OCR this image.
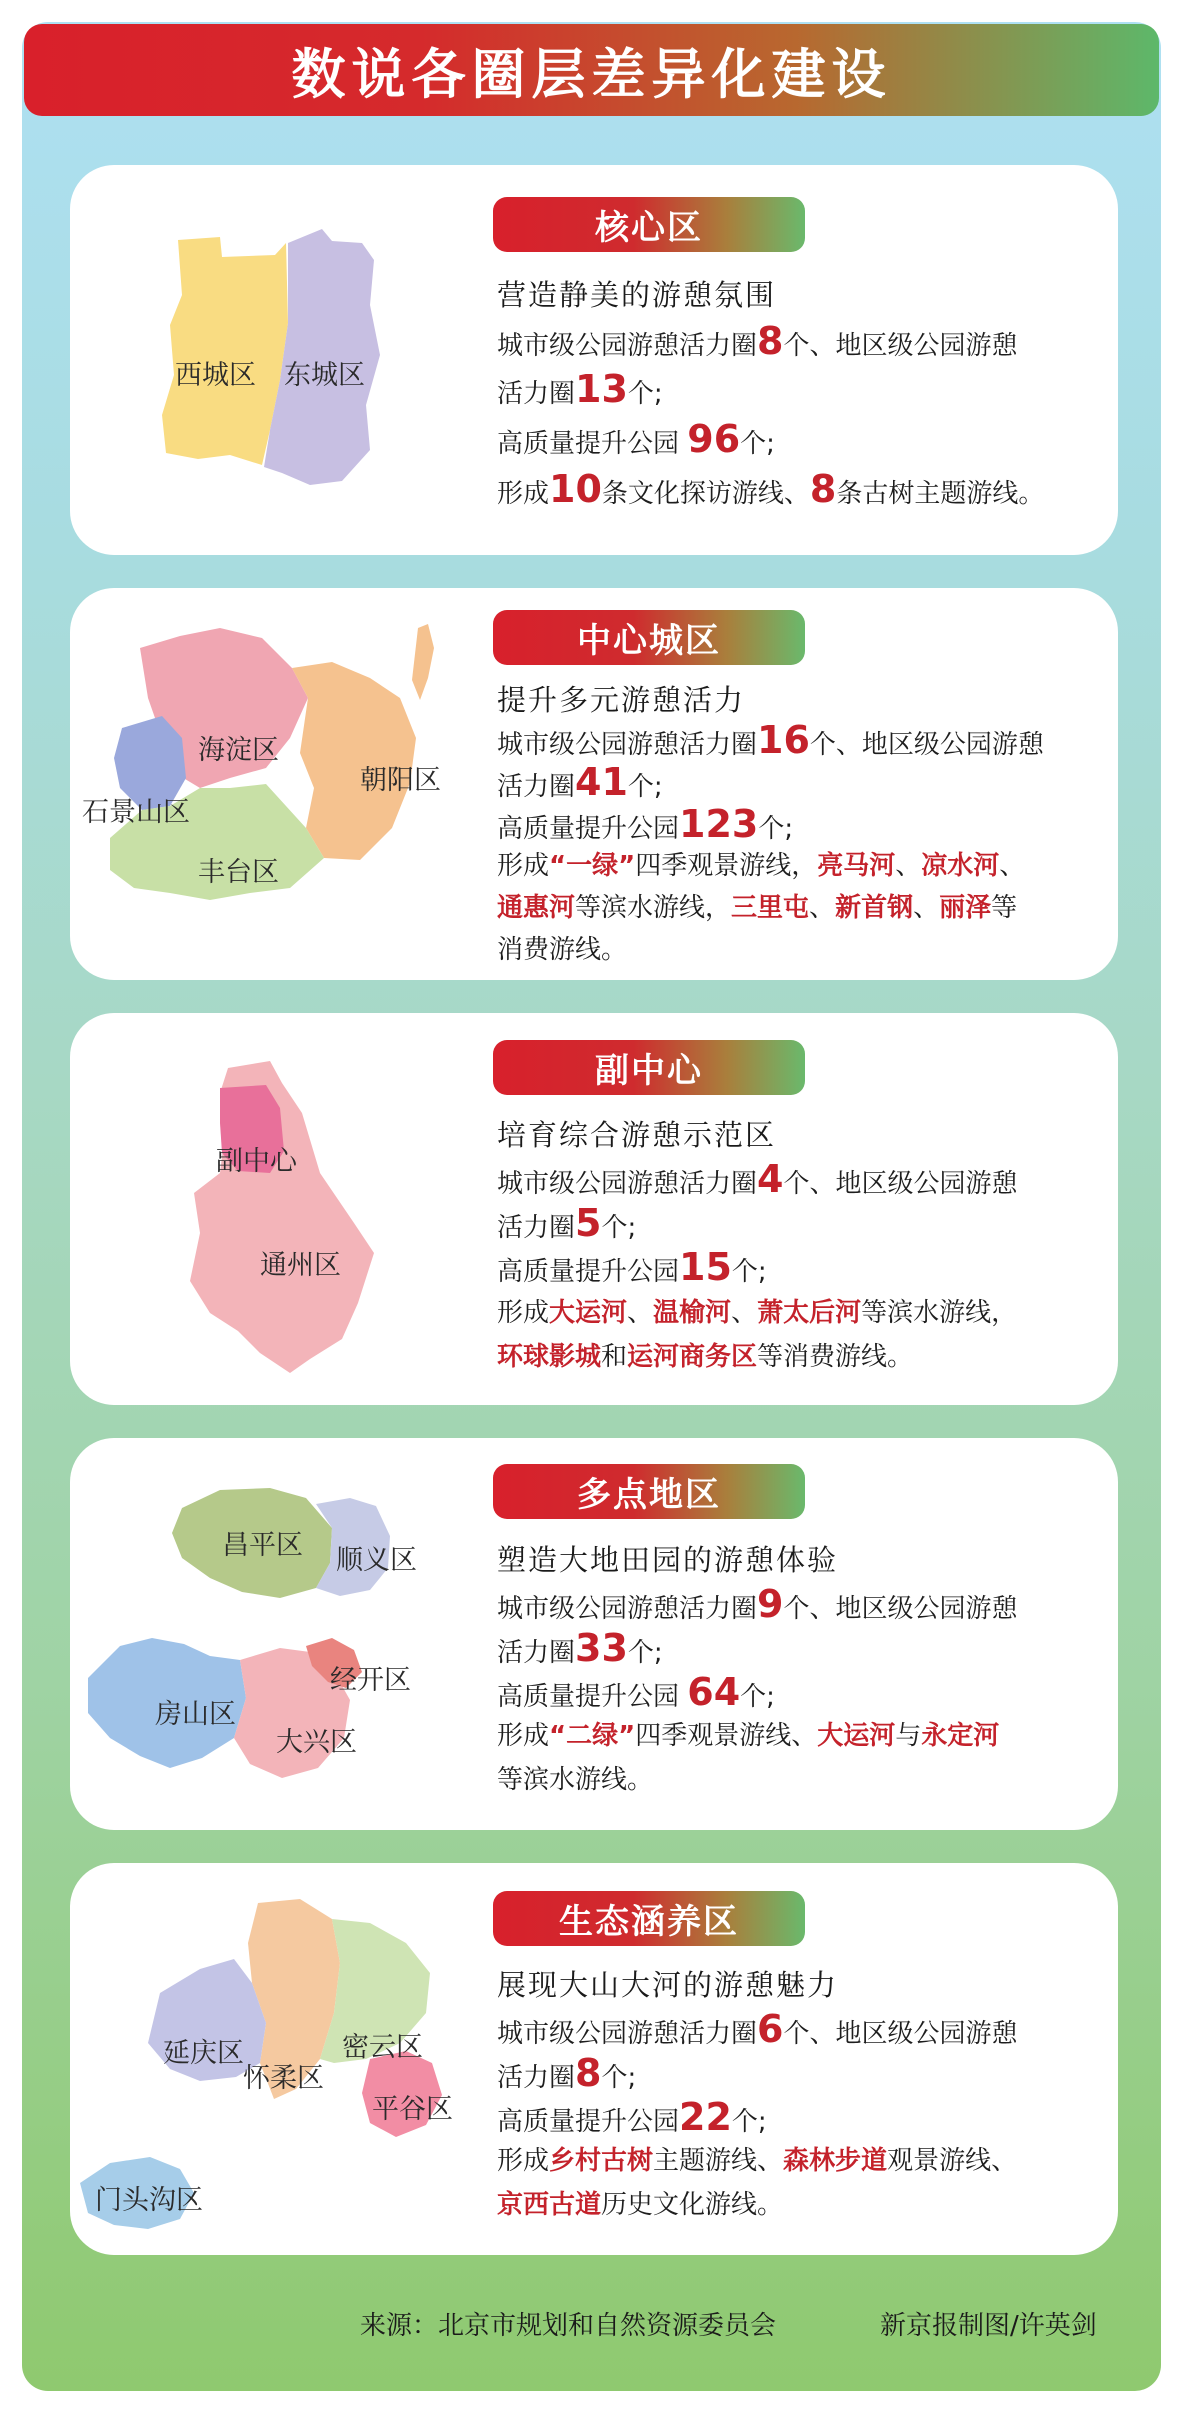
数说各圈层差异化建设
西城区 东城区
核心区
营造静美的游憩氛围
城市级公园游憩活力圈8个、地区级公园游憩
活力圈13个;
高质量提升公园 96个;
形成10条文化探访游线、8条古树主题游线。
海淀区
石景山区
朝阳区
丰台区
中心城区
提升多元游憩活力
城市级公园游憩活力圈16个、地区级公园游憩
活力圈41个;
高质量提升公园123个;
形成“一绿”四季观景游线，亮马河、凉水河、
通惠河等滨水游线，三里屯、新首钢、丽泽等
消费游线。
副中心
通州区
副中心
培育综合游憩示范区
城市级公园游憩活力圈4个、地区级公园游憩
活力圈5个;
高质量提升公园15个;
形成大运河、温榆河、萧太后河等滨水游线，
环球影城和运河商务区等消费游线。
昌平区 顺义区
房山区
经开区
大兴区
多点地区
塑造大地田园的游憩体验
城市级公园游憩活力圈9个、地区级公园游憩
活力圈33个;
高质量提升公园 64个;
形成“二绿”四季观景游线、大运河与永定河
等滨水游线。
延庆区
怀柔区
密云区
平谷区
门头沟区
生态涵养区
展现大山大河的游憩魅力
城市级公园游憩活力圈6个、地区级公园游憩
活力圈8个;
高质量提升公园22个;
形成乡村古树主题游线、森林步道观景游线、
京西古道历史文化游线。
来源：北京市规划和自然资源委员会	新京报制图/许英剑
